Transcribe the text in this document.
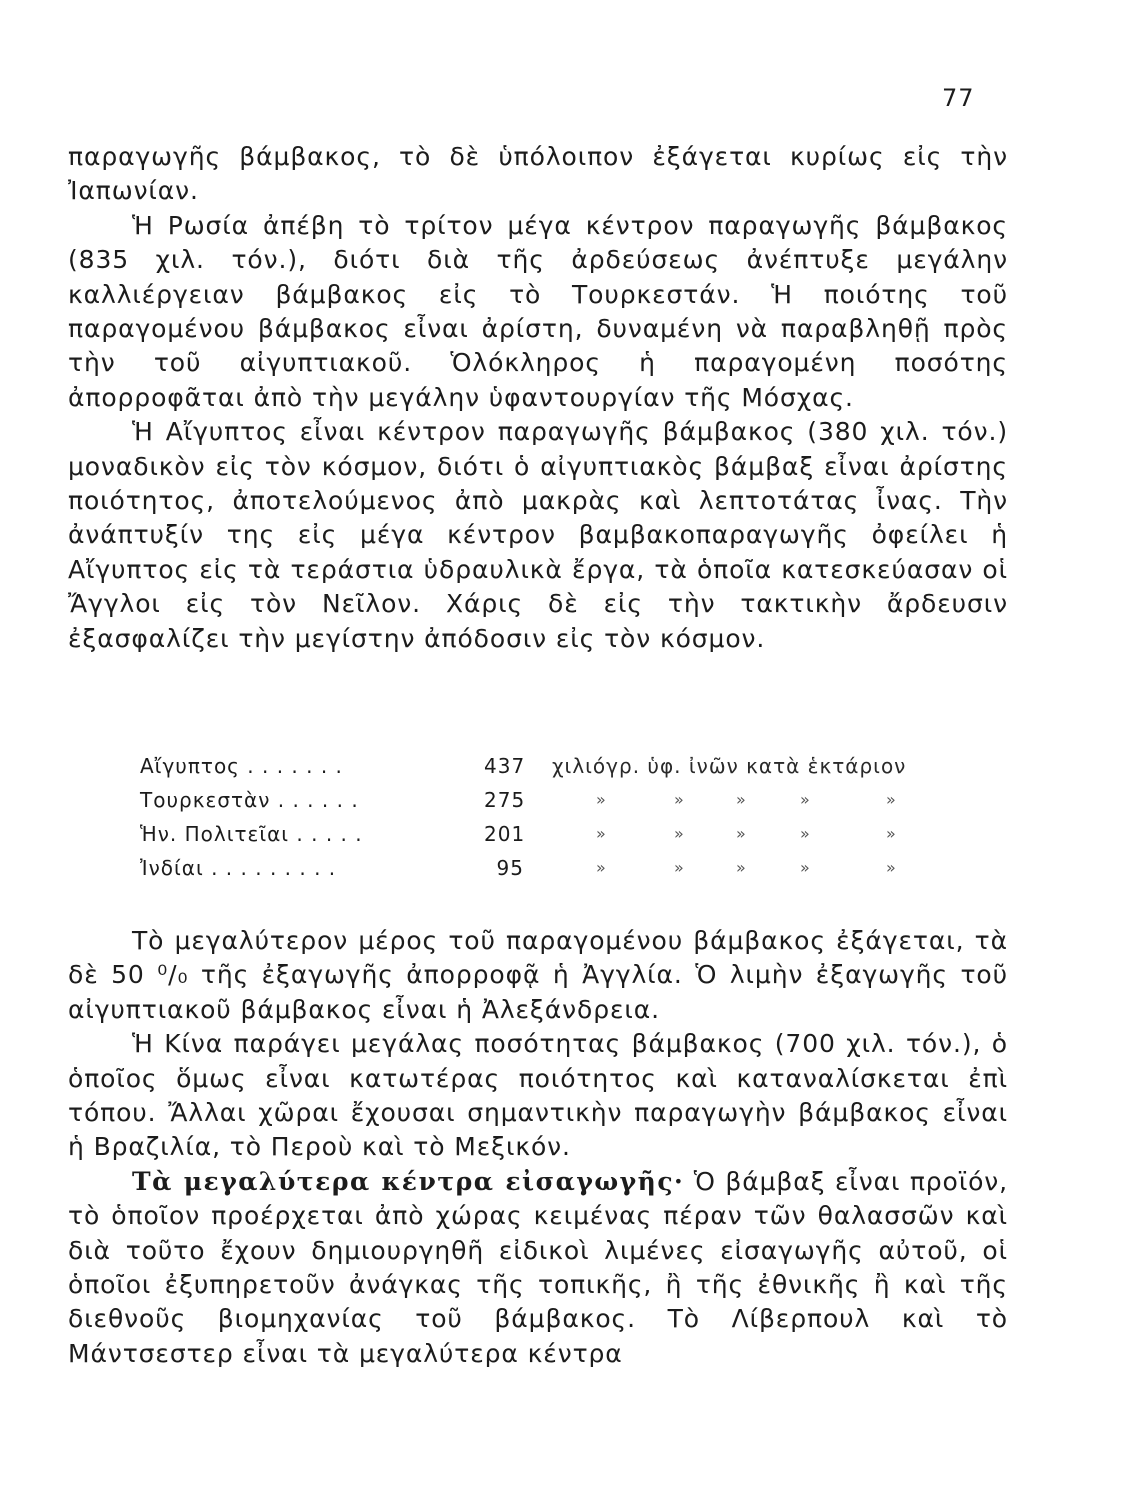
77

παραγωγῆς βάμβακος, τὸ δὲ ὑπόλοιπον ἐξάγεται κυρίως εἰς τὴν Ἰαπωνίαν.

Ἡ Ρωσία ἀπέβη τὸ τρίτον μέγα κέντρον παραγωγῆς βάμβακος (835 χιλ. τόν.), διότι διὰ τῆς ἀρδεύσεως ἀνέπτυξε μεγάλην καλλιέργειαν βάμβακος εἰς τὸ Τουρκεστάν. Ἡ ποιότης τοῦ παραγομένου βάμβακος εἶναι ἀρίστη, δυναμένη νὰ παραβληθῇ πρὸς τὴν τοῦ αἰγυπτιακοῦ. Ὁλόκληρος ἡ παραγομένη ποσότης ἀπορροφᾶται ἀπὸ τὴν μεγάλην ὑφαντουργίαν τῆς Μόσχας.

Ἡ Αἴγυπτος εἶναι κέντρον παραγωγῆς βάμβακος (380 χιλ. τόν.) μοναδικὸν εἰς τὸν κόσμον, διότι ὁ αἰγυπτιακὸς βάμβαξ εἶναι ἀρίστης ποιότητος, ἀποτελούμενος ἀπὸ μακρὰς καὶ λεπτοτάτας ἶνας. Τὴν ἀνάπτυξίν της εἰς μέγα κέντρον βαμβακοπαραγωγῆς ὀφείλει ἡ Αἴγυπτος εἰς τὰ τεράστια ὑδραυλικὰ ἔργα, τὰ ὁποῖα κατεσκεύασαν οἱ Ἄγγλοι εἰς τὸν Νεῖλον. Χάρις δὲ εἰς τὴν τακτικὴν ἄρδευσιν ἐξασφαλίζει τὴν μεγίστην ἀπόδοσιν εἰς τὸν κόσμον.

Αἴγυπτος . . . . . . .	437 χιλιόγρ. ὑφ. ἰνῶν κατὰ ἑκτάριον
Τουρκεστὰν . . . . . .	275	»	»	»	»	»
Ἡν. Πολιτεῖαι . . . . .	201	»	»	»	»	»
Ἰνδίαι . . . . . . . . .	95	»	»	»	»	»

Τὸ μεγαλύτερον μέρος τοῦ παραγομένου βάμβακος ἐξάγεται, τὰ δὲ 50 ⁰/₀ τῆς ἐξαγωγῆς ἀπορροφᾷ ἡ Ἀγγλία. Ὁ λιμὴν ἐξαγωγῆς τοῦ αἰγυπτιακοῦ βάμβακος εἶναι ἡ Ἀλεξάνδρεια.

Ἡ Κίνα παράγει μεγάλας ποσότητας βάμβακος (700 χιλ. τόν.), ὁ ὁποῖος ὅμως εἶναι κατωτέρας ποιότητος καὶ καταναλίσκεται ἐπὶ τόπου. Ἄλλαι χῶραι ἔχουσαι σημαντικὴν παραγωγὴν βάμβακος εἶναι ἡ Βραζιλία, τὸ Περοὺ καὶ τὸ Μεξικόν.

Τὰ μεγαλύτερα κέντρα εἰσαγωγῆς· Ὁ βάμβαξ εἶναι προϊόν, τὸ ὁποῖον προέρχεται ἀπὸ χώρας κειμένας πέραν τῶν θαλασσῶν καὶ διὰ τοῦτο ἔχουν δημιουργηθῆ εἰδικοὶ λιμένες εἰσαγωγῆς αὐτοῦ, οἱ ὁποῖοι ἐξυπηρετοῦν ἀνάγκας τῆς τοπικῆς, ἢ τῆς ἐθνικῆς ἢ καὶ τῆς διεθνοῦς βιομηχανίας τοῦ βάμβακος. Τὸ Λίβερπουλ καὶ τὸ Μάντσεστερ εἶναι τὰ μεγαλύτερα κέντρα
